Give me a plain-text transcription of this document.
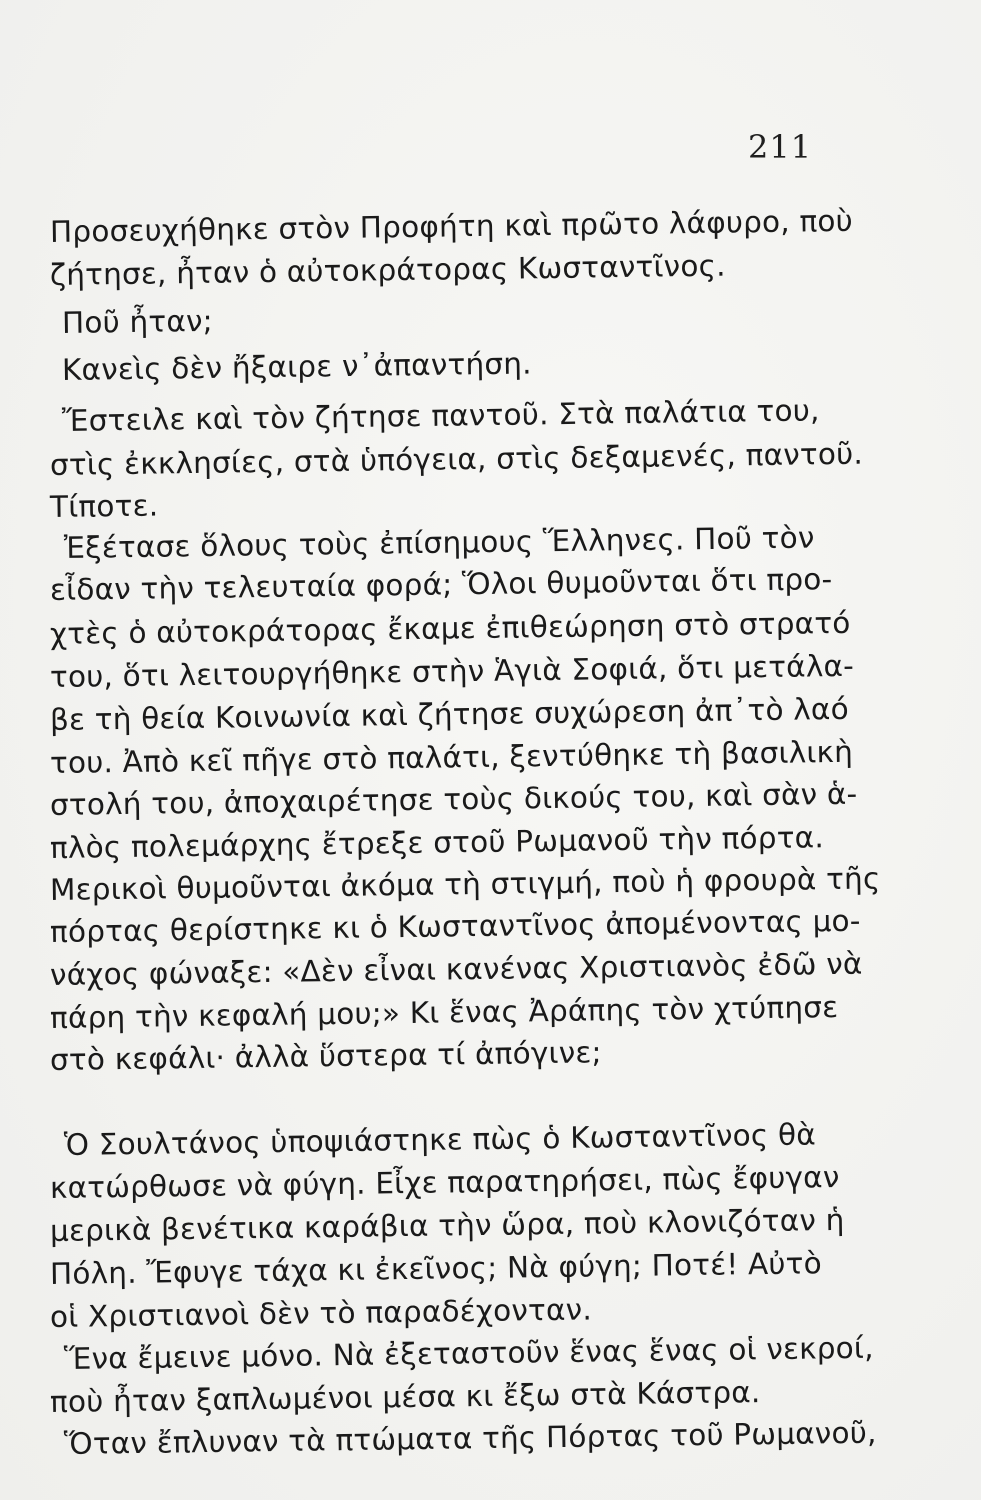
211
Προσευχήθηκε στὸν Προφήτη καὶ πρῶτο λάφυρο, ποὺ
ζήτησε, ἦταν ὁ αὐτοκράτορας Κωσταντῖνος.
Ποῦ ἦταν;
Κανεὶς δὲν ἤξαιρε ν᾿ἀπαντήση.
Ἔστειλε καὶ τὸν ζήτησε παντοῦ. Στὰ παλάτια του,
στὶς ἐκκλησίες, στὰ ὑπόγεια, στὶς δεξαμενές, παντοῦ.
Τίποτε.
Ἐξέτασε ὅλους τοὺς ἐπίσημους Ἕλληνες. Ποῦ τὸν
εἶδαν τὴν τελευταία φορά; Ὅλοι θυμοῦνται ὅτι προ-
χτὲς ὁ αὐτοκράτορας ἔκαμε ἐπιθεώρηση στὸ στρατό
του, ὅτι λειτουργήθηκε στὴν Ἁγιὰ Σοφιά, ὅτι μετάλα-
βε τὴ θεία Κοινωνία καὶ ζήτησε συχώρεση ἀπ᾿τὸ λαό
του. Ἀπὸ κεῖ πῆγε στὸ παλάτι, ξεντύθηκε τὴ βασιλικὴ
στολή του, ἀποχαιρέτησε τοὺς δικούς του, καὶ σὰν ἁ-
πλὸς πολεμάρχης ἔτρεξε στοῦ Ρωμανοῦ τὴν πόρτα.
Μερικοὶ θυμοῦνται ἀκόμα τὴ στιγμή, ποὺ ἡ φρουρὰ τῆς
πόρτας θερίστηκε κι ὁ Κωσταντῖνος ἀπομένοντας μο-
νάχος φώναξε: «Δὲν εἶναι κανένας Χριστιανὸς ἐδῶ νὰ
πάρη τὴν κεφαλή μου;» Κι ἕνας Ἀράπης τὸν χτύπησε
στὸ κεφάλι· ἀλλὰ ὕστερα τί ἀπόγινε;
Ὁ Σουλτάνος ὑποψιάστηκε πὼς ὁ Κωσταντῖνος θὰ
κατώρθωσε νὰ φύγη. Εἶχε παρατηρήσει, πὼς ἔφυγαν
μερικὰ βενέτικα καράβια τὴν ὥρα, ποὺ κλονιζόταν ἡ
Πόλη. Ἔφυγε τάχα κι ἐκεῖνος; Νὰ φύγη; Ποτέ! Αὐτὸ
οἱ Χριστιανοὶ δὲν τὸ παραδέχονταν.
Ἕνα ἔμεινε μόνο. Νὰ ἐξεταστοῦν ἕνας ἕνας οἱ νεκροί,
ποὺ ἦταν ξαπλωμένοι μέσα κι ἔξω στὰ Κάστρα.
Ὅταν ἔπλυναν τὰ πτώματα τῆς Πόρτας τοῦ Ρωμανοῦ,
